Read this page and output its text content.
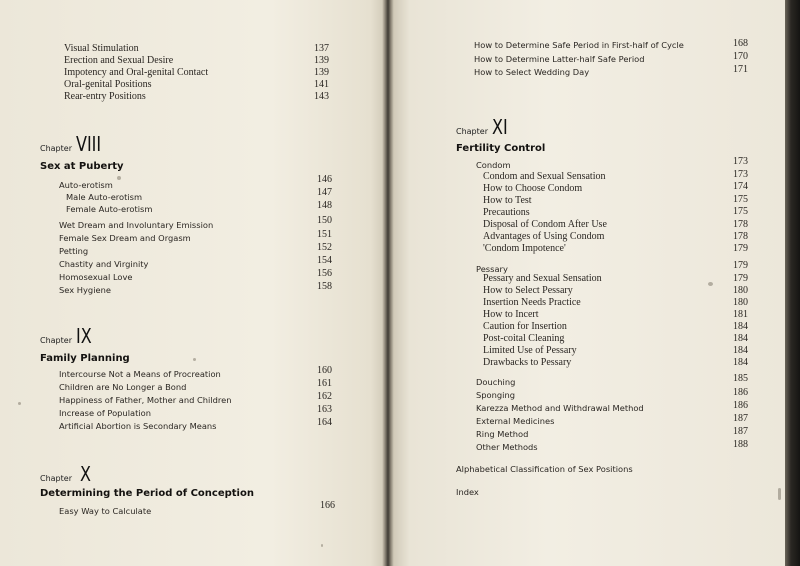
Visual Stimulation	137
Erection and Sexual Desire	139
Impotency and Oral-genital Contact	139
Oral-genital Positions	141
Rear-entry Positions	143
Chapter VIII
Sex at Puberty
Auto-erotism	146
Male Auto-erotism	147
Female Auto-erotism	148
Wet Dream and Involuntary Emission	150
Female Sex Dream and Orgasm	151
Petting	152
Chastity and Virginity	154
Homosexual Love	156
Sex Hygiene	158
Chapter IX
Family Planning
Intercourse Not a Means of Procreation	160
Children are No Longer a Bond	161
Happiness of Father, Mother and Children	162
Increase of Population	163
Artificial Abortion is Secondary Means	164
Chapter X
Determining the Period of Conception
Easy Way to Calculate	166
How to Determine Safe Period in First-half of Cycle	168
How to Determine Latter-half Safe Period	170
How to Select Wedding Day	171
Chapter XI
Fertility Control
Condom	173
Condom and Sexual Sensation	173
How to Choose Condom	174
How to Test	175
Precautions	175
Disposal of Condom After Use	178
Advantages of Using Condom	178
'Condom Impotence'	179
Pessary	179
Pessary and Sexual Sensation	179
How to Select Pessary	180
Insertion Needs Practice	180
How to Incert	181
Caution for Insertion	184
Post-coital Cleaning	184
Limited Use of Pessary	184
Drawbacks to Pessary	184
Douching	185
Sponging	186
Karezza Method and Withdrawal Method	186
External Medicines	187
Ring Method	187
Other Methods	188
Alphabetical Classification of Sex Positions
Index
